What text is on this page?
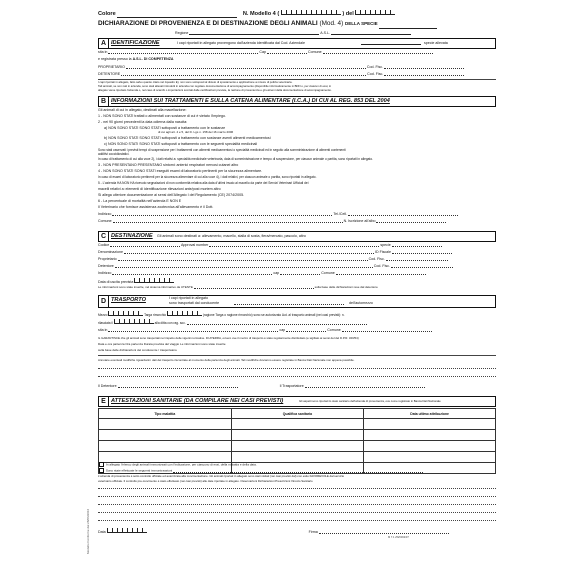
Modello Conforme dal 28/06/2016
Colore	N. Modello 4 (	) del
DICHIARAZIONE DI PROVENIENZA E DI DESTINAZIONE DEGLI ANIMALI (Mod. 4) DELLA SPECIE
Regione	A.S.L.
A IDENTIFICAZIONE	I capi riportati in allegato provengono dall'azienda identificata dal Cod. Aziendale	specie allevata
sita in	Cap	Comune
e registrata presso la A.S.L. DI COMPETENZA
PROPRIETARIO	Cod. Fisc.
DETENTORE	Cod. Fisc.
I capi riportati in allegato, fatto salvo quanto citato nel riquadro E), non sono sottoposti al divieto di spostamento e applicazione a misure di polizia veterinaria.
Tali animali, se non nati in azienda, sono stati allevati introdotti in azienda con regolare documentazione di accompagnamento (disponibile informaticamente in BDN o, per ciascun di essi, in
allegato viene riportato l'azienda o, nel caso di scambi o importazioni scortati dalle certificazioni previste, la nazione di provenienza e gli estremi della documentazione di accompagnamento.
B INFORMAZIONI SUI TRATTAMENTI E SULLA CATENA ALIMENTARE (I.C.A.) DI CUI AL REG. 853 DEL 2004
Gli animali di cui in allegato, destinati alla macellazione:
1 - NON SONO STATI trattati o alimentati con sostanze di cui è vietato l'impiego.
2 - nei 90 giorni precedenti la data odierna dalla nascita:
a) NON SONO STATI SONO STATI sottoposti a trattamento con le sostanze
di cui agli art. 4 e 5, del D. Lgs n. 158 del 16 marzo 2006
b) NON SONO STATI SONO STATI sottoposti a trattamento con sostanze aventi alimenti medicamentosi
c) NON SONO STATI SONO STATI sottoposti a trattamento con le seguenti specialità medicinali
Sono stati osservati i previsti tempi di sospensione per i trattamenti con alimenti medicamentosi o specialità medicinali ed in seguito alla somministrazione di alimenti contenenti
additivi coccidiostatici.
In caso di trattamento di cui alla voce 2), i dati relativi a: specialità medicinale veterinaria, data di somministrazione e tempo di sospensione, per ciascun animale o partita, sono riportati in allegato.
3 - NON PRESENTANO PRESENTANO sintomi: anterici respiratori nervosi cutanei altro
4 - NON SONO STATI SONO STATI eseguiti esami di laboratorio pertinenti per la sicurezza alimentare.
In caso di esami di laboratorio pertinenti per la sicurezza alimentare di cui alla voce 4), i dati relativi, per ciascun animale o partita, sono riportati in allegato.
5 - L'azienda HA NON HA ricevuto segnalazioni di non conformità relativa alla data d'ultimi invaio al macello da parte dei Servizi Veterinari Ufficiali dei
macelli relativi a: elementi di identificazione rilevazioni ante/post mortem altro
Si allega ulteriore documentazione ai sensi dell'Allegato I del Regolamento (CE) 2074/2005.
6 - La percentuale di mortalità nell'azienda E NON E
Il Veterinario che fornisce assistenza zootecnica all'allevamento è il Dott.
Indirizzo	Tel./Cell.
Comune	N. Iscrizione all'albo
C DESTINAZIONE Gli animali sono destinati a: allevamento, macello, stalla di sosta, fiera/mercato, pascolo, altro
Codice	Approval number	specie
Denominazione	ID Fiscale
Proprietario	Cod. Fisc.
Detentore	Cod. Fisc.
Indirizzo	cap	Comune
Data di uscita prevista
Le informazioni sono state inserite, nel sistema informativo da UTENTE	sulla base delle dichiarazioni rese dal detentore
D TRASPORTO	I capi riportati in allegato
sono trasportati dal conducente	dell'automezzo
Mezzo	Targa rimorchio	(ragione Targa o ragione rimorchio) sono se autorizzato Aut. al trasporto animali (nei casi previsti): n.
rilasciata il	alla ditta con rag. soc.
sita in	cap	Comune
IL GARANTISCE che gli animali sono trasportati nel rispetto delle vigenti normative. DI ATERRA, ovvero ove il mezzo di trasporto è stato regolarmente disinfettato (e sigillato ai sensi del del D.P.R. 320/54)
Data e ora partenza Ora partenza Durata prevista del viaggio Le informazioni sono state inserite
sulla base delle dichiarazioni del conducente / trasportatore
Annotare eventuali modifiche riguardanti i dati del trasporto riscontrate al momento della partenza degli animali. Tali modifiche dovranno essere registrate in Banca Dati Nazionale non appena possibile.
Il Detentore	Il Trasportatore
E ATTESTAZIONI SANITARIE (DA COMPILARE NEI CASI PREVISTI)	Gli aspetti sono riportati lo stato sanitario dell'azienda di provenienza, ove come registrato in Banca Dati Nazionale
Tipo malattia	Qualifica sanitaria	Data ultimo attribuzione

In allegato l'elenco degli animali immunizzati con l'indicazione, per ciascuno di essi, della malattia e della data.
Sono state effettuate le seguenti immunizzazioni
L'azienda di provenienza è sotto controllo ufficiale ed autorizzata alla movimentazione. Gli animali riportati in allegato sono stati visitati (nei casi previsti dal) con esito FAVOREVOLE dal servizio
veterinario ufficiale. Il controllo pre-movimento è stato effettuato (nei casi previsti) alle date riportate in allegato. Osservazioni Dichiarazioni Prescrizioni Vincolo Sanitario
Data	Firma
M 7.1 ZN/0032/07
